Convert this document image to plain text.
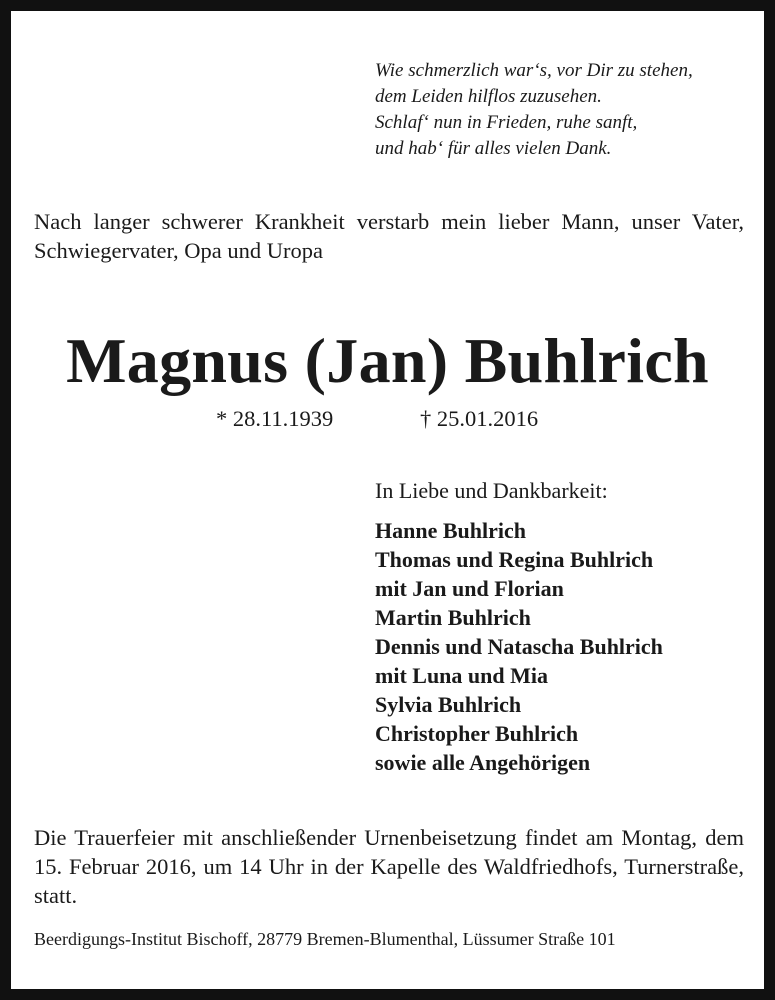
Wie schmerzlich war‘s, vor Dir zu stehen,
dem Leiden hilflos zuzusehen.
Schlaf‘ nun in Frieden, ruhe sanft,
und hab‘ für alles vielen Dank.
Nach langer schwerer Krankheit verstarb mein lieber Mann, unser Vater, Schwiegervater, Opa und Uropa
Magnus (Jan) Buhlrich
* 28.11.1939	† 25.01.2016
In Liebe und Dankbarkeit:
Hanne Buhlrich
Thomas und Regina Buhlrich
mit Jan und Florian
Martin Buhlrich
Dennis und Natascha Buhlrich
mit Luna und Mia
Sylvia Buhlrich
Christopher Buhlrich
sowie alle Angehörigen
Die Trauerfeier mit anschließender Urnenbeisetzung findet am Montag, dem 15. Februar 2016, um 14 Uhr in der Kapelle des Waldfriedhofs, Turnerstraße, statt.
Beerdigungs-Institut Bischoff, 28779 Bremen-Blumenthal, Lüssumer Straße 101
